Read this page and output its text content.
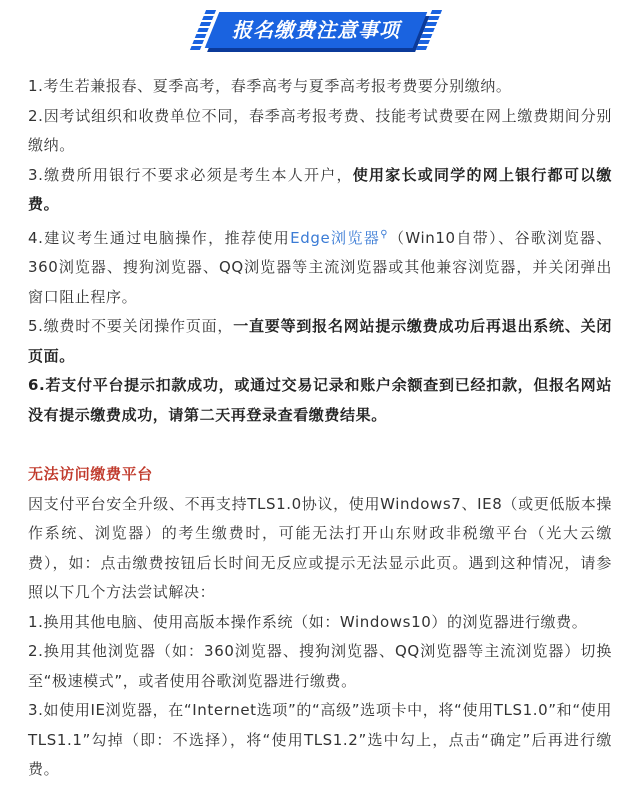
报名缴费注意事项

1.考生若兼报春、夏季高考，春季高考与夏季高考报考费要分别缴纳。

2.因考试组织和收费单位不同，春季高考报考费、技能考试费要在网上缴费期间分别缴纳。

3.缴费所用银行不要求必须是考生本人开户，使用家长或同学的网上银行都可以缴费。

4.建议考生通过电脑操作，推荐使用Edge浏览器⚲（Win10自带）、谷歌浏览器、360浏览器、搜狗浏览器、QQ浏览器等主流浏览器或其他兼容浏览器，并关闭弹出窗口阻止程序。

5.缴费时不要关闭操作页面，一直要等到报名网站提示缴费成功后再退出系统、关闭页面。

6.若支付平台提示扣款成功，或通过交易记录和账户余额查到已经扣款，但报名网站没有提示缴费成功，请第二天再登录查看缴费结果。

无法访问缴费平台

因支付平台安全升级、不再支持TLS1.0协议，使用Windows7、IE8（或更低版本操作系统、浏览器）的考生缴费时，可能无法打开山东财政非税缴平台（光大云缴费），如：点击缴费按钮后长时间无反应或提示无法显示此页。遇到这种情况，请参照以下几个方法尝试解决：

1.换用其他电脑、使用高版本操作系统（如：Windows10）的浏览器进行缴费。

2.换用其他浏览器（如：360浏览器、搜狗浏览器、QQ浏览器等主流浏览器）切换至“极速模式”，或者使用谷歌浏览器进行缴费。

3.如使用IE浏览器，在“Internet选项”的“高级”选项卡中，将“使用TLS1.0”和“使用TLS1.1”勾掉（即：不选择），将“使用TLS1.2”选中勾上，点击“确定”后再进行缴费。
